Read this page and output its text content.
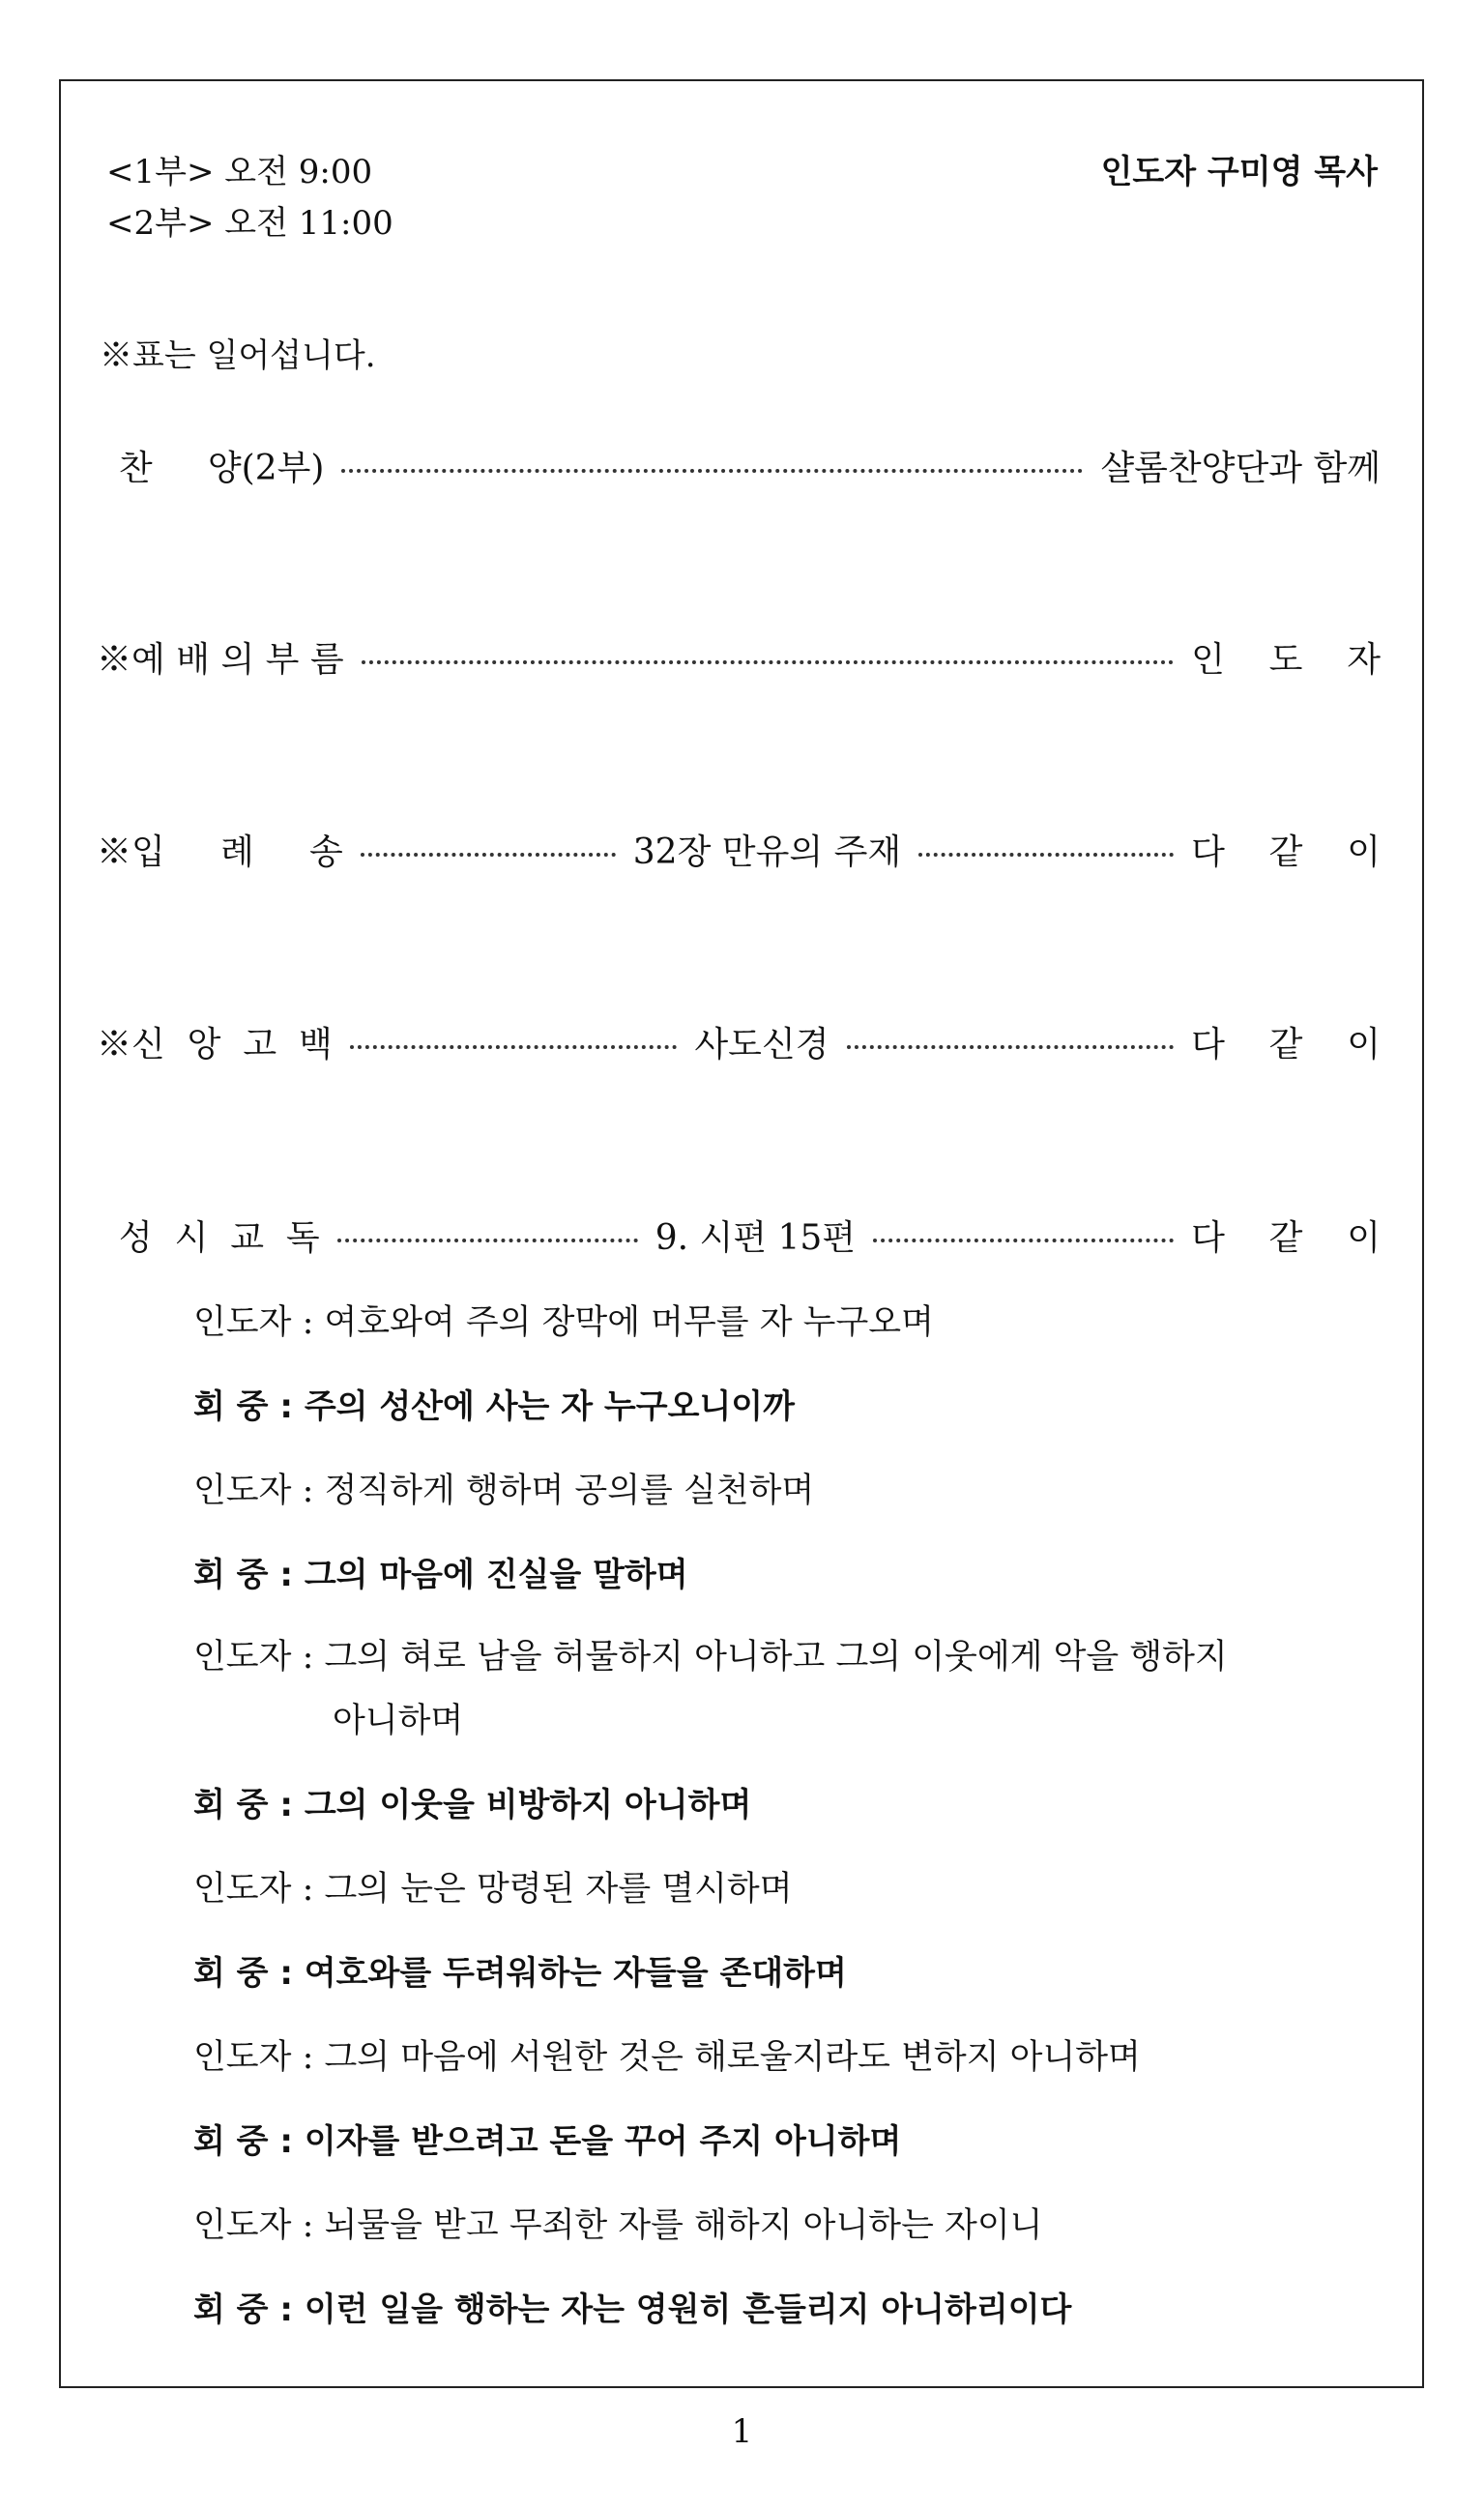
<1부> 오전 9:00
<2부> 오전 11:00
인도자 구미영 목사
※표는 일어섭니다.
찬     양(2부)	샬롬찬양단과 함께
※예 배 의 부 름	인    도    자
※입     례     송	32장 만유의 주재	다    같    이
※신  앙  고  백	사도신경	다    같    이
성  시  교  독	9. 시편 15편	다    같    이
인도자 : 여호와여 주의 장막에 머무를 자 누구오며
회 중 : 주의 성산에 사는 자 누구오니이까
인도자 : 정직하게 행하며 공의를 실천하며
회 중 : 그의 마음에 진실을 말하며
인도자 : 그의 혀로 남을 허물하지 아니하고 그의 이웃에게 악을 행하지
아니하며
회 중 : 그의 이웃을 비방하지 아니하며
인도자 : 그의 눈은 망령된 자를 멸시하며
회 중 : 여호와를 두려워하는 자들을 존대하며
인도자 : 그의 마음에 서원한 것은 해로울지라도 변하지 아니하며
회 중 : 이자를 받으려고 돈을 꾸어 주지 아니하며
인도자 : 뇌물을 받고 무죄한 자를 해하지 아니하는 자이니
회 중 : 이런 일을 행하는 자는 영원히 흔들리지 아니하리이다
1
